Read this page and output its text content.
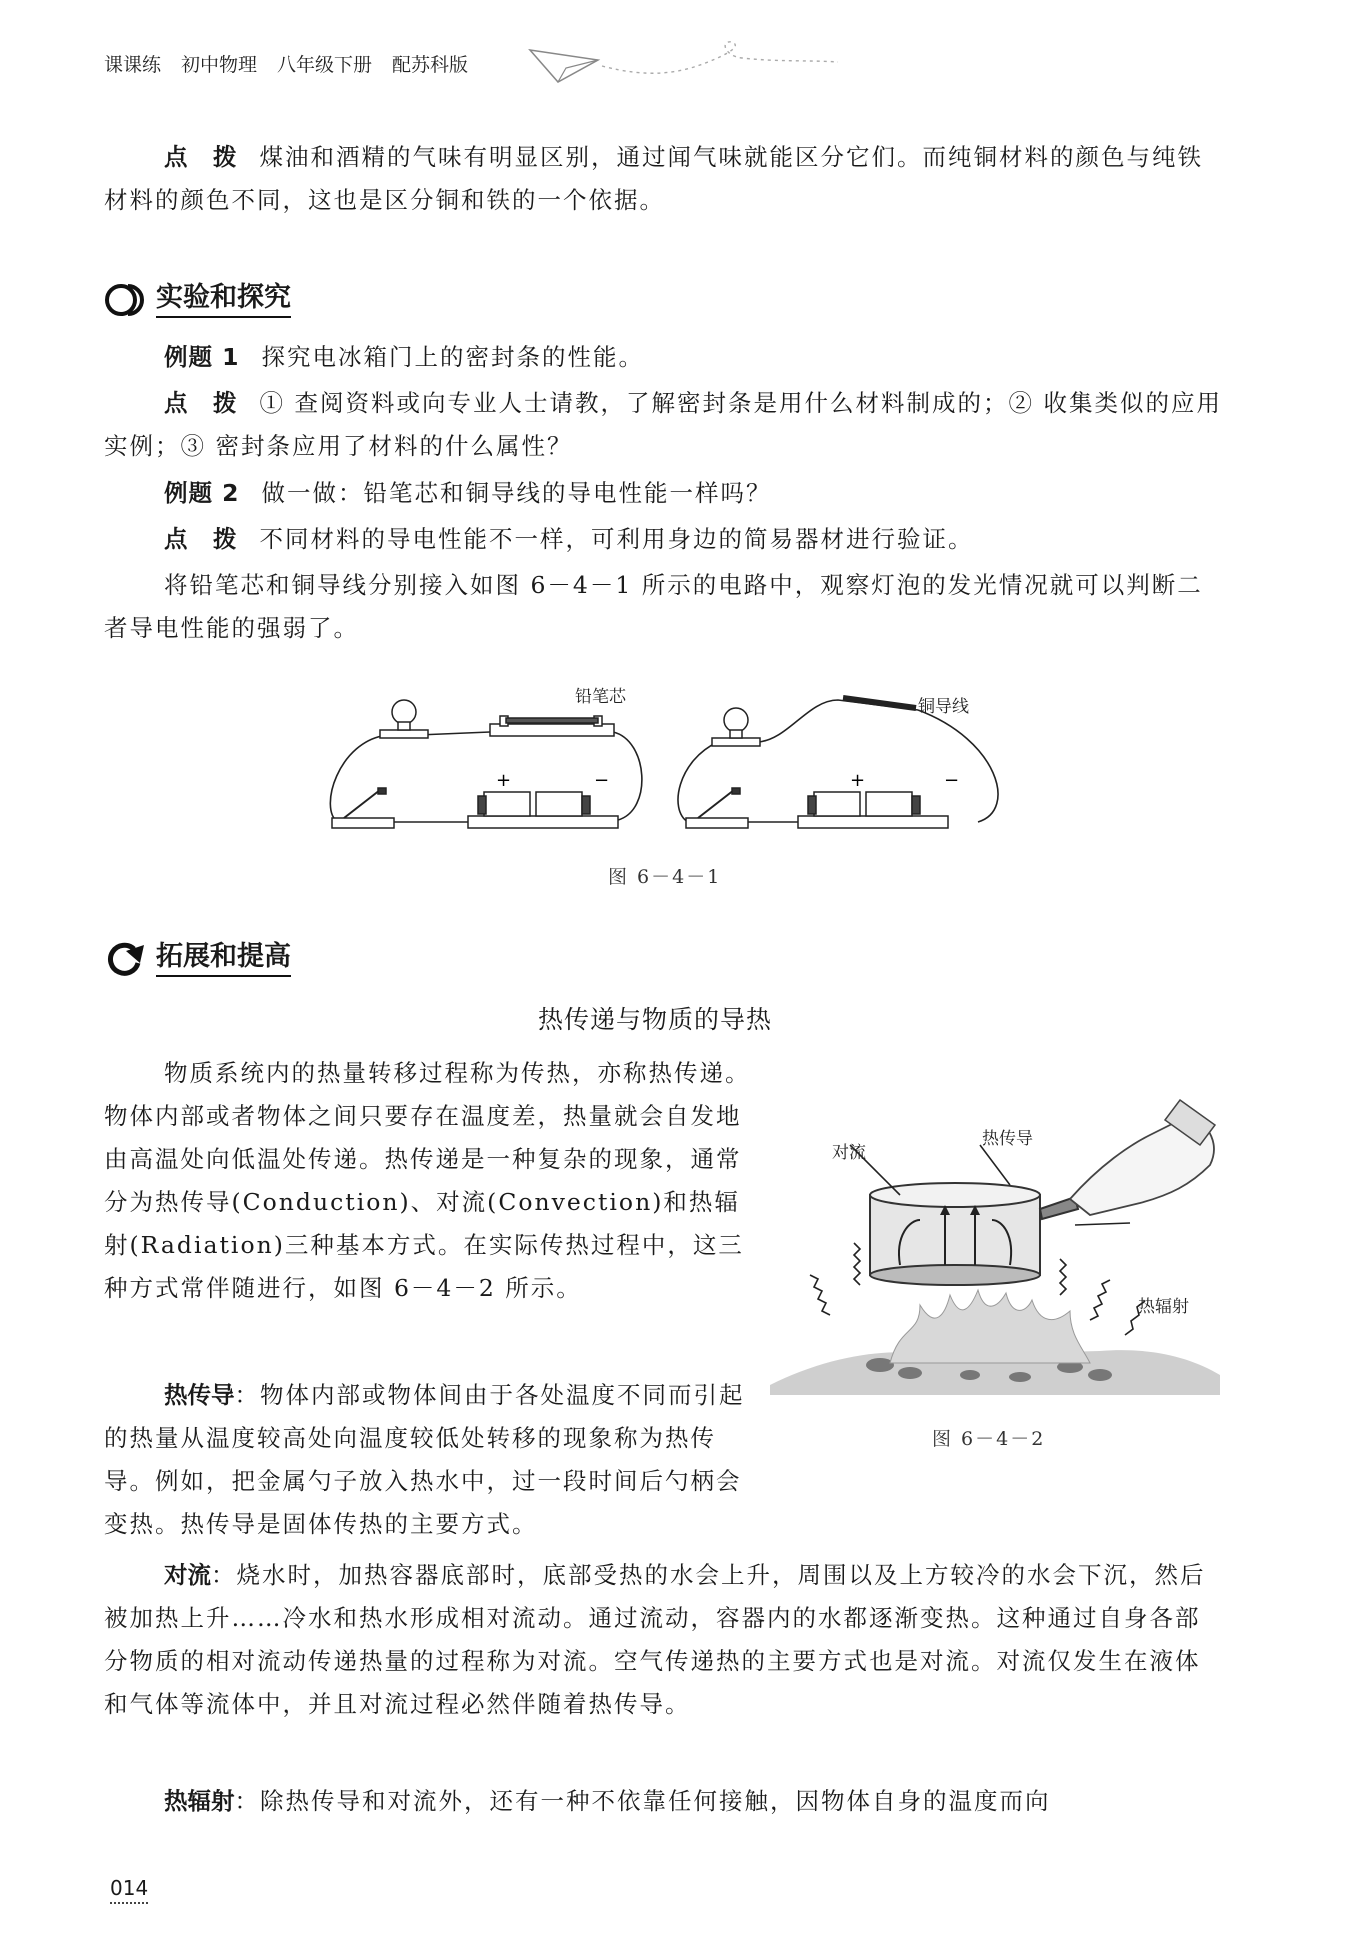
课课练 初中物理 八年级下册 配苏科版
点　拨 煤油和酒精的气味有明显区别，通过闻气味就能区分它们。而纯铜材料的颜色与纯铁材料的颜色不同，这也是区分铜和铁的一个依据。
实验和探究
例题 1 探究电冰箱门上的密封条的性能。
点　拨 ① 查阅资料或向专业人士请教，了解密封条是用什么材料制成的；② 收集类似的应用实例；③ 密封条应用了材料的什么属性？
例题 2 做一做：铅笔芯和铜导线的导电性能一样吗？
点　拨 不同材料的导电性能不一样，可利用身边的简易器材进行验证。
将铅笔芯和铜导线分别接入如图 6－4－1 所示的电路中，观察灯泡的发光情况就可以判断二者导电性能的强弱了。
+	−	+	−
铅笔芯	铜导线
图 6－4－1
拓展和提高
热传递与物质的导热
物质系统内的热量转移过程称为传热，亦称热传递。物体内部或者物体之间只要存在温度差，热量就会自发地由高温处向低温处传递。热传递是一种复杂的现象，通常分为热传导(Conduction)、对流(Convection)和热辐射(Radiation)三种基本方式。在实际传热过程中，这三种方式常伴随进行，如图 6－4－2 所示。
热传导：物体内部或物体间由于各处温度不同而引起的热量从温度较高处向温度较低处转移的现象称为热传导。例如，把金属勺子放入热水中，过一段时间后勺柄会变热。热传导是固体传热的主要方式。
对流：烧水时，加热容器底部时，底部受热的水会上升，周围以及上方较冷的水会下沉，然后被加热上升……冷水和热水形成相对流动。通过流动，容器内的水都逐渐变热。这种通过自身各部分物质的相对流动传递热量的过程称为对流。空气传递热的主要方式也是对流。对流仅发生在液体和气体等流体中，并且对流过程必然伴随着热传导。
热辐射：除热传导和对流外，还有一种不依靠任何接触，因物体自身的温度而向
对流
热传导
热辐射
图 6－4－2
014
